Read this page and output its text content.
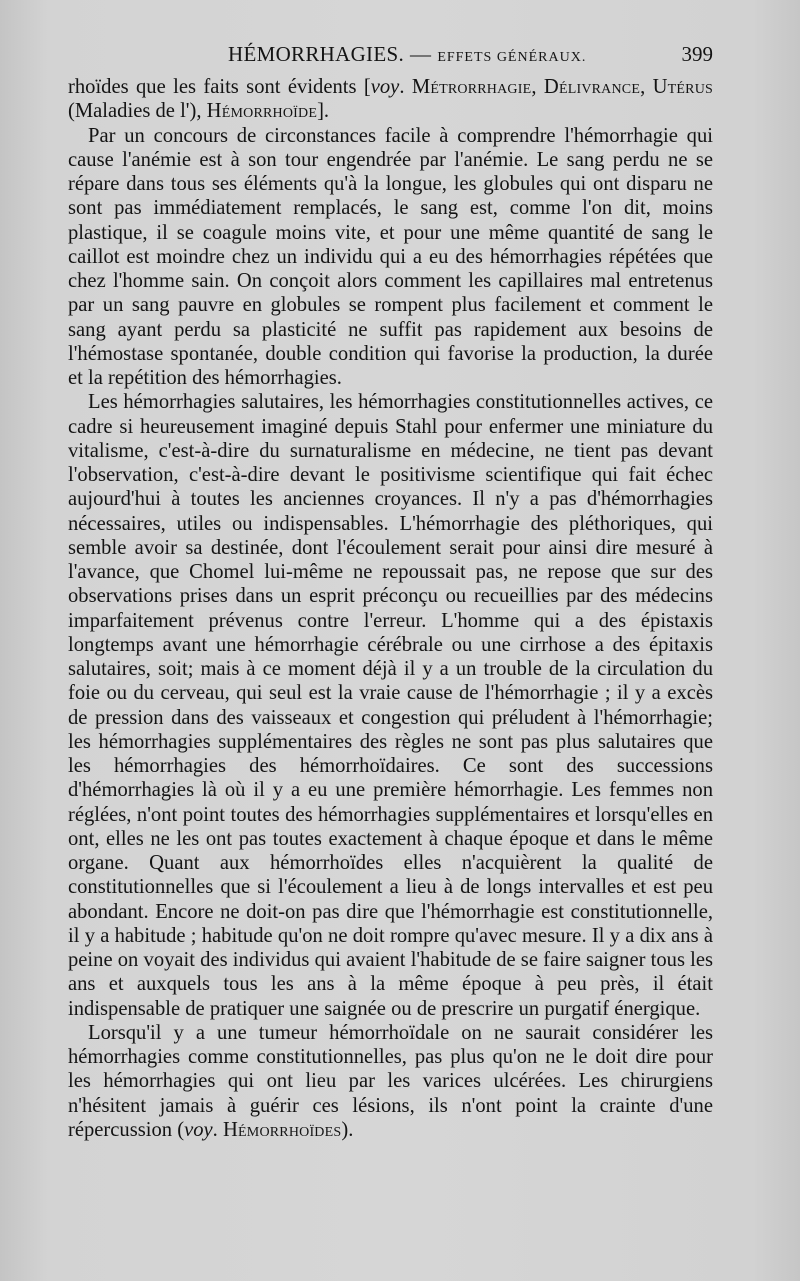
HÉMORRHAGIES. — EFFETS GÉNÉRAUX.	399

rhoïdes que les faits sont évidents [voy. Métrorrhagie, Délivrance, Utérus (Maladies de l'), Hémorrhoïde].

Par un concours de circonstances facile à comprendre l'hémorrhagie qui cause l'anémie est à son tour engendrée par l'anémie. Le sang perdu ne se répare dans tous ses éléments qu'à la longue, les globules qui ont disparu ne sont pas immédiatement remplacés, le sang est, comme l'on dit, moins plastique, il se coagule moins vite, et pour une même quantité de sang le caillot est moindre chez un individu qui a eu des hémorrhagies répétées que chez l'homme sain. On conçoit alors comment les capillaires mal entretenus par un sang pauvre en globules se rompent plus facilement et comment le sang ayant perdu sa plasticité ne suffit pas rapidement aux besoins de l'hémostase spontanée, double condition qui favorise la production, la durée et la repétition des hémorrhagies.

Les hémorrhagies salutaires, les hémorrhagies constitutionnelles actives, ce cadre si heureusement imaginé depuis Stahl pour enfermer une miniature du vitalisme, c'est-à-dire du surnaturalisme en médecine, ne tient pas devant l'observation, c'est-à-dire devant le positivisme scientifique qui fait échec aujourd'hui à toutes les anciennes croyances. Il n'y a pas d'hémorrhagies nécessaires, utiles ou indispensables. L'hémorrhagie des pléthoriques, qui semble avoir sa destinée, dont l'écoulement serait pour ainsi dire mesuré à l'avance, que Chomel lui-même ne repoussait pas, ne repose que sur des observations prises dans un esprit préconçu ou recueillies par des médecins imparfaitement prévenus contre l'erreur. L'homme qui a des épistaxis longtemps avant une hémorrhagie cérébrale ou une cirrhose a des épitaxis salutaires, soit; mais à ce moment déjà il y a un trouble de la circulation du foie ou du cerveau, qui seul est la vraie cause de l'hémorrhagie ; il y a excès de pression dans des vaisseaux et congestion qui préludent à l'hémorrhagie; les hémorrhagies supplémentaires des règles ne sont pas plus salutaires que les hémorrhagies des hémorrhoïdaires. Ce sont des successions d'hémorrhagies là où il y a eu une première hémorrhagie. Les femmes non réglées, n'ont point toutes des hémorrhagies supplémentaires et lorsqu'elles en ont, elles ne les ont pas toutes exactement à chaque époque et dans le même organe. Quant aux hémorrhoïdes elles n'acquièrent la qualité de constitutionnelles que si l'écoulement a lieu à de longs intervalles et est peu abondant. Encore ne doit-on pas dire que l'hémorrhagie est constitutionnelle, il y a habitude ; habitude qu'on ne doit rompre qu'avec mesure. Il y a dix ans à peine on voyait des individus qui avaient l'habitude de se faire saigner tous les ans et auxquels tous les ans à la même époque à peu près, il était indispensable de pratiquer une saignée ou de prescrire un purgatif énergique.

Lorsqu'il y a une tumeur hémorrhoïdale on ne saurait considérer les hémorrhagies comme constitutionnelles, pas plus qu'on ne le doit dire pour les hémorrhagies qui ont lieu par les varices ulcérées. Les chirurgiens n'hésitent jamais à guérir ces lésions, ils n'ont point la crainte d'une répercussion (voy. Hémorrhoïdes).
